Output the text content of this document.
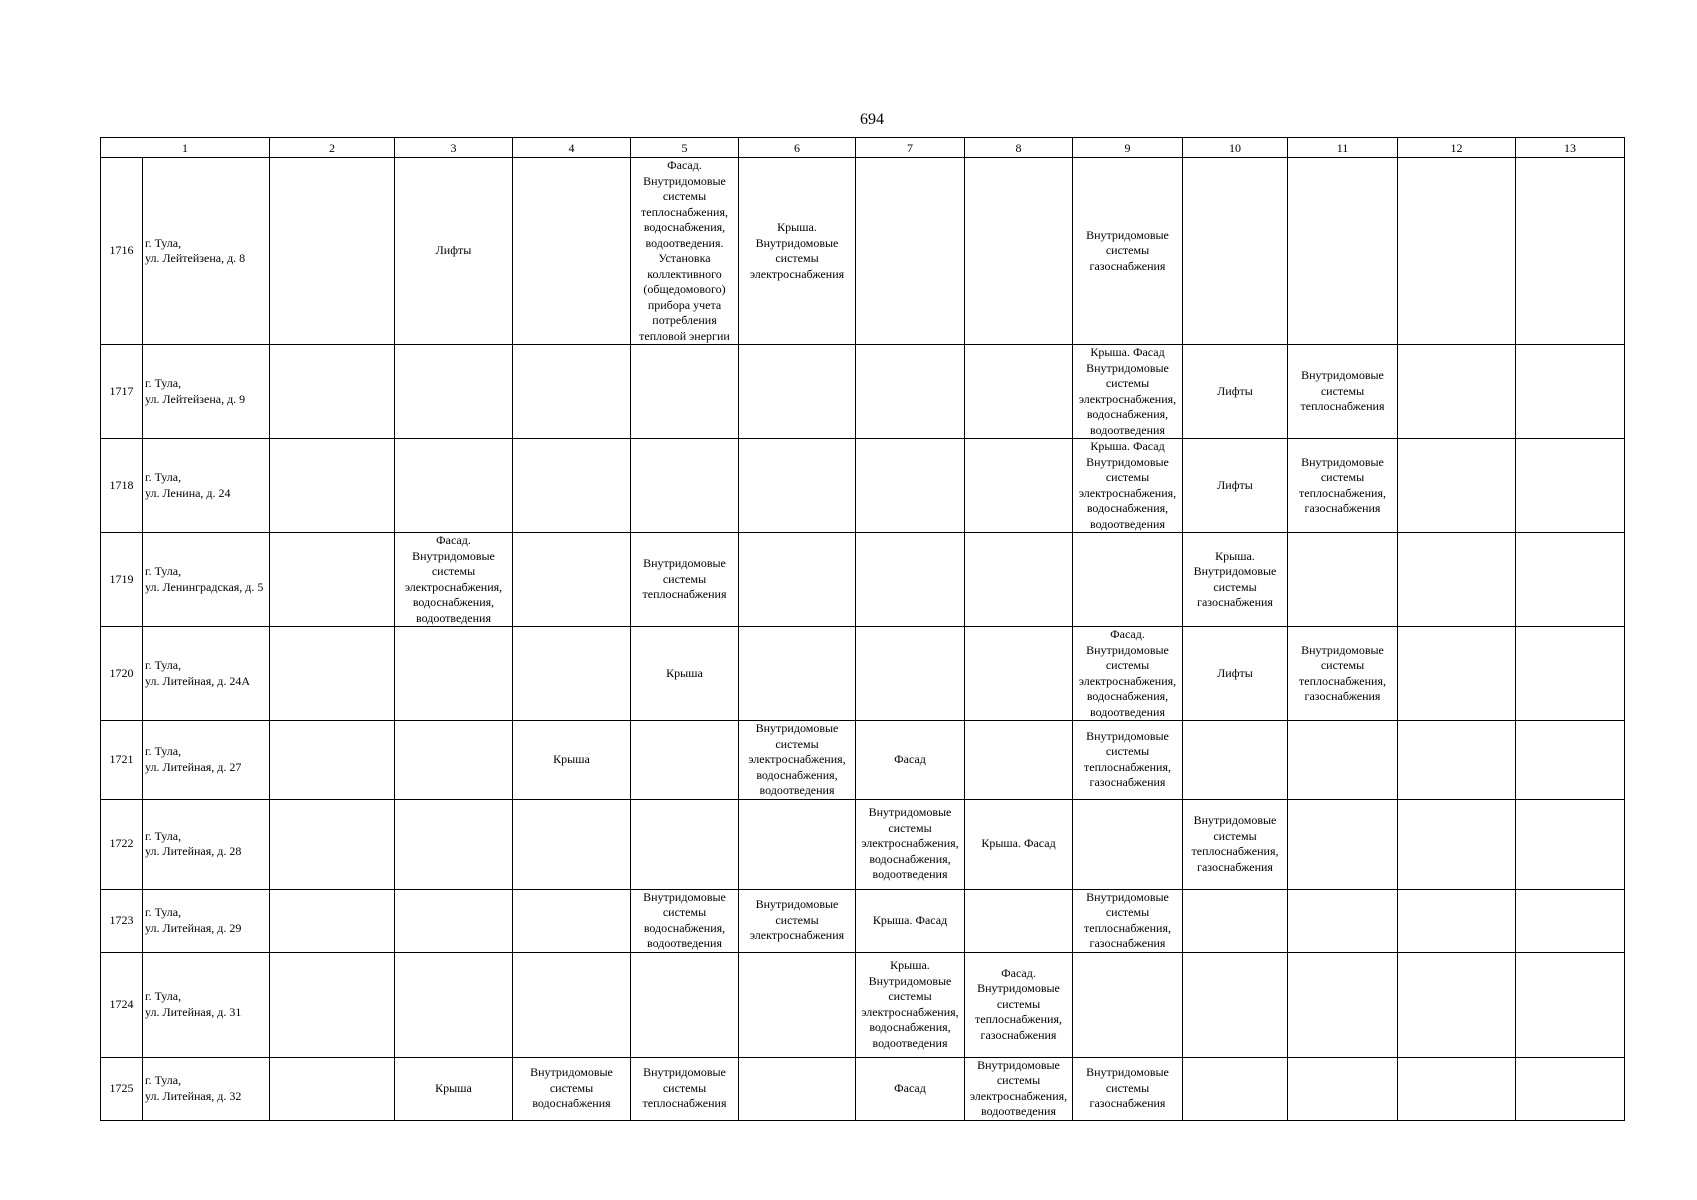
694
1		2	3	4	5	6	7	8	9	10	11	12	13
1716	г. Тула,
ул. Лейтейзена, д. 8		Лифты		Фасад. Внутридомовые системы теплоснабжения, водоснабжения, водоотведения. Установка коллективного (общедомового) прибора учета потребления тепловой энергии	Крыша. Внутридомовые системы электроснабжения			Внутридомовые системы газоснабжения				

1717	г. Тула,
ул. Лейтейзена, д. 9								Крыша. Фасад Внутридомовые системы электроснабжения, водоснабжения, водоотведения	Лифты	Внутридомовые системы теплоснабжения		

1718	г. Тула,
ул. Ленина, д. 24								Крыша. Фасад Внутридомовые системы электроснабжения, водоснабжения, водоотведения	Лифты	Внутридомовые системы теплоснабжения, газоснабжения		

1719	г. Тула,
ул. Ленинградская, д. 5		Фасад. Внутридомовые системы электроснабжения, водоснабжения, водоотведения		Внутридомовые системы теплоснабжения					Крыша. Внутридомовые системы газоснабжения			

1720	г. Тула,
ул. Литейная, д. 24А				Крыша				Фасад. Внутридомовые системы электроснабжения, водоснабжения, водоотведения	Лифты	Внутридомовые системы теплоснабжения, газоснабжения		

1721	г. Тула,
ул. Литейная, д. 27			Крыша		Внутридомовые системы электроснабжения, водоснабжения, водоотведения	Фасад		Внутридомовые системы теплоснабжения, газоснабжения				

1722	г. Тула,
ул. Литейная, д. 28						Внутридомовые системы электроснабжения, водоснабжения, водоотведения	Крыша. Фасад		Внутридомовые системы теплоснабжения, газоснабжения			

1723	г. Тула,
ул. Литейная, д. 29				Внутридомовые системы водоснабжения, водоотведения	Внутридомовые системы электроснабжения	Крыша. Фасад		Внутридомовые системы теплоснабжения, газоснабжения				

1724	г. Тула,
ул. Литейная, д. 31						Крыша. Внутридомовые системы электроснабжения, водоснабжения, водоотведения	Фасад. Внутридомовые системы теплоснабжения, газоснабжения					

1725	г. Тула,
ул. Литейная, д. 32		Крыша	Внутридомовые системы водоснабжения	Внутридомовые системы теплоснабжения		Фасад	Внутридомовые системы электроснабжения, водоотведения	Внутридомовые системы газоснабжения				
